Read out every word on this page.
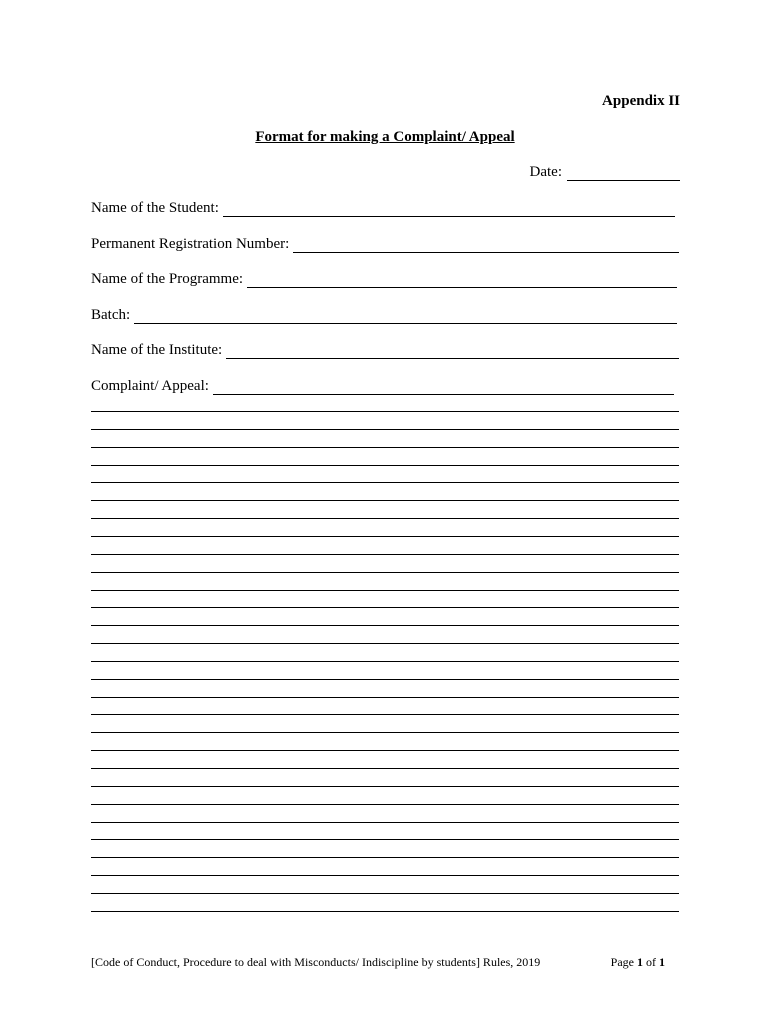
Appendix II
Format for making a Complaint/ Appeal
Date:
Name of the Student:
Permanent Registration Number:
Name of the Programme:
Batch:
Name of the Institute:
Complaint/ Appeal:
[Code of Conduct, Procedure to deal with Misconducts/ Indiscipline by students] Rules, 2019	Page 1 of 1
